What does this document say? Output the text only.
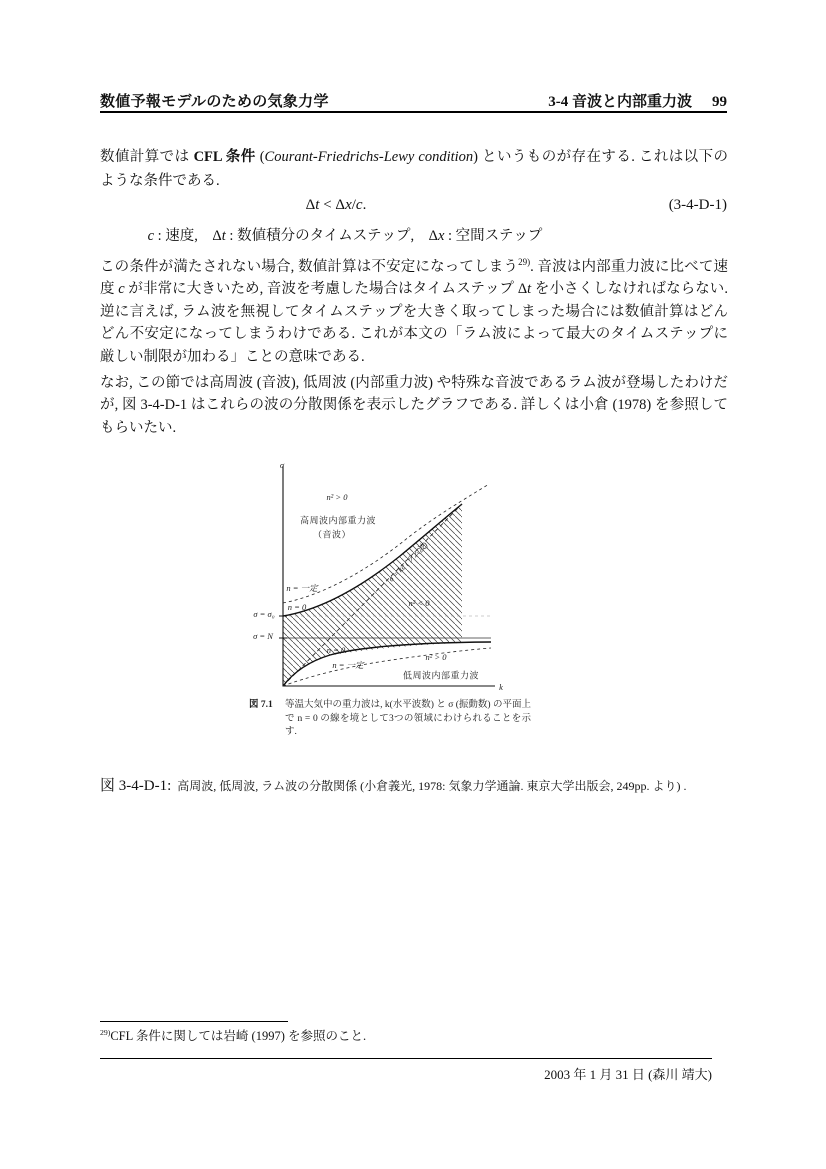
数値予報モデルのための気象力学	3-4 音波と内部重力波 99
数値計算では CFL 条件 (Courant-Friedrichs-Lewy condition) というものが存在する. これは以下のような条件である.
Δt < Δx/c.	(3-4-D-1)
c : 速度,　Δt : 数値積分のタイムステップ,　Δx : 空間ステップ
この条件が満たされない場合, 数値計算は不安定になってしまう$^{29)}$. 音波は内部重力波に比べて速度 c が非常に大きいため, 音波を考慮した場合はタイムステップ Δt を小さくしなければならない. 逆に言えば, ラム波を無視してタイムステップを大きく取ってしまった場合には数値計算はどんどん不安定になってしまうわけである. これが本文の「ラム波によって最大のタイムステップに厳しい制限が加わる」ことの意味である.
なお, この節では高周波 (音波), 低周波 (内部重力波) や特殊な音波であるラム波が登場したわけだが, 図 3-4-D-1 はこれらの波の分散関係を表示したグラフである. 詳しくは小倉 (1978) を参照してもらいたい.
σ
k
n² > 0
高周波内部重力波
（音波）
n = 一定
n = 0
σ = σ₀
σ = N
σ = kc (ラム波)
n² < 0
n = 0
n = 一定
n² > 0
低周波内部重力波
図 7.1	等温大気中の重力波は, k(水平波数) と σ (振動数) の平面上で n = 0 の線を境として3つの領域にわけられることを示す.
図 3-4-D-1: 高周波, 低周波, ラム波の分散関係 (小倉義光, 1978: 気象力学通論. 東京大学出版会, 249pp. より) .
$^{29)}$CFL 条件に関しては岩崎 (1997) を参照のこと.
2003 年 1 月 31 日 (森川 靖大)
